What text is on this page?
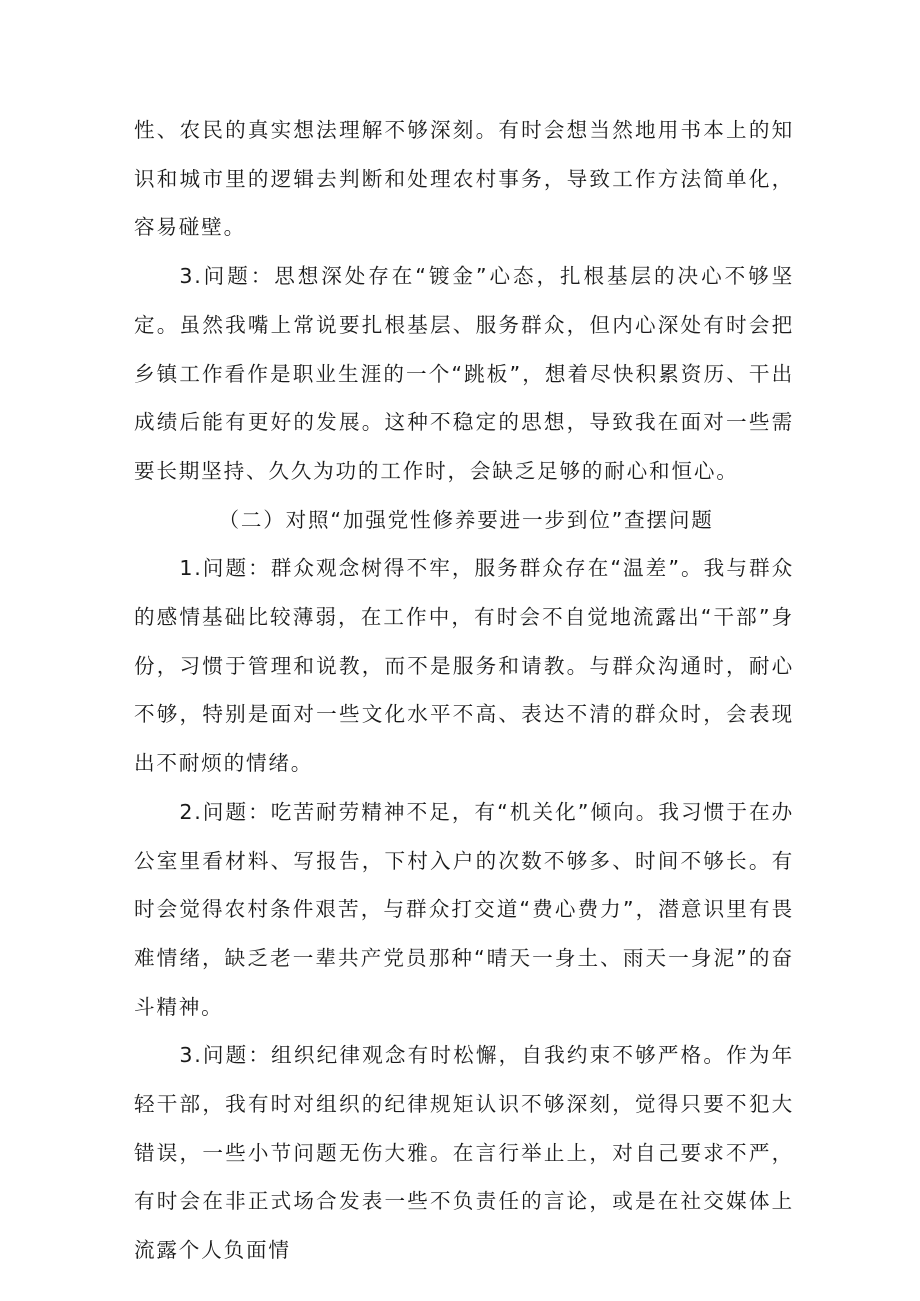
性、农民的真实想法理解不够深刻。有时会想当然地用书本上的知识和城市里的逻辑去判断和处理农村事务，导致工作方法简单化，容易碰壁。

3.问题：思想深处存在“镀金”心态，扎根基层的决心不够坚定。虽然我嘴上常说要扎根基层、服务群众，但内心深处有时会把乡镇工作看作是职业生涯的一个“跳板”，想着尽快积累资历、干出成绩后能有更好的发展。这种不稳定的思想，导致我在面对一些需要长期坚持、久久为功的工作时，会缺乏足够的耐心和恒心。

（二）对照“加强党性修养要进一步到位”查摆问题

1.问题：群众观念树得不牢，服务群众存在“温差”。我与群众的感情基础比较薄弱，在工作中，有时会不自觉地流露出“干部”身份，习惯于管理和说教，而不是服务和请教。与群众沟通时，耐心不够，特别是面对一些文化水平不高、表达不清的群众时，会表现出不耐烦的情绪。

2.问题：吃苦耐劳精神不足，有“机关化”倾向。我习惯于在办公室里看材料、写报告，下村入户的次数不够多、时间不够长。有时会觉得农村条件艰苦，与群众打交道“费心费力”，潜意识里有畏难情绪，缺乏老一辈共产党员那种“晴天一身土、雨天一身泥”的奋斗精神。

3.问题：组织纪律观念有时松懈，自我约束不够严格。作为年轻干部，我有时对组织的纪律规矩认识不够深刻，觉得只要不犯大错误，一些小节问题无伤大雅。在言行举止上，对自己要求不严，有时会在非正式场合发表一些不负责任的言论，或是在社交媒体上流露个人负面情
